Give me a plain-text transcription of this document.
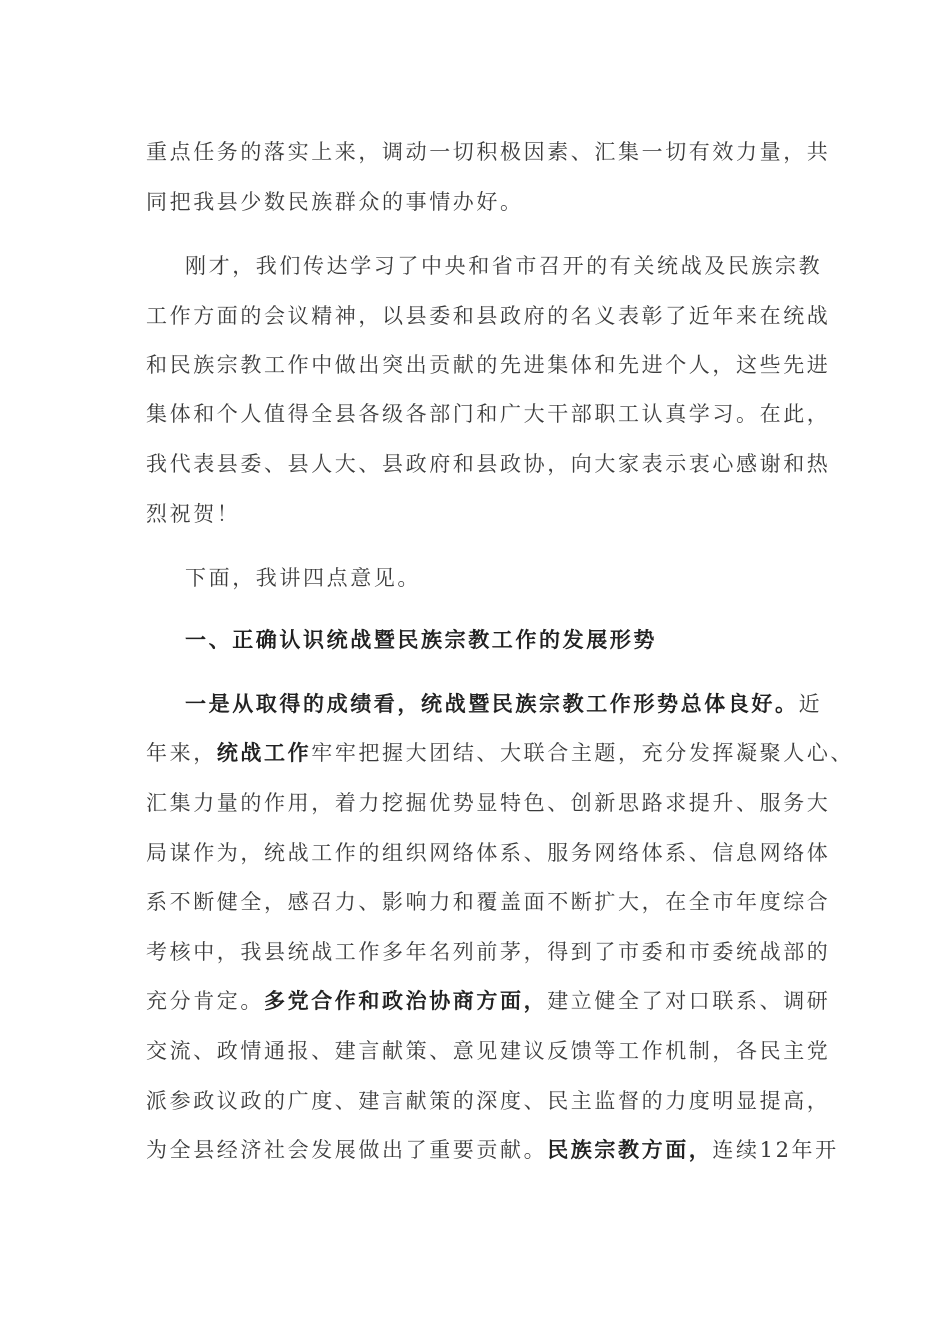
重点任务的落实上来，调动一切积极因素、汇集一切有效力量，共
同把我县少数民族群众的事情办好。
刚才，我们传达学习了中央和省市召开的有关统战及民族宗教
工作方面的会议精神，以县委和县政府的名义表彰了近年来在统战
和民族宗教工作中做出突出贡献的先进集体和先进个人，这些先进
集体和个人值得全县各级各部门和广大干部职工认真学习。在此，
我代表县委、县人大、县政府和县政协，向大家表示衷心感谢和热
烈祝贺！
下面，我讲四点意见。
一、正确认识统战暨民族宗教工作的发展形势
一是从取得的成绩看，统战暨民族宗教工作形势总体良好。近
年来，统战工作牢牢把握大团结、大联合主题，充分发挥凝聚人心、
汇集力量的作用，着力挖掘优势显特色、创新思路求提升、服务大
局谋作为，统战工作的组织网络体系、服务网络体系、信息网络体
系不断健全，感召力、影响力和覆盖面不断扩大，在全市年度综合
考核中，我县统战工作多年名列前茅，得到了市委和市委统战部的
充分肯定。多党合作和政治协商方面，建立健全了对口联系、调研
交流、政情通报、建言献策、意见建议反馈等工作机制，各民主党
派参政议政的广度、建言献策的深度、民主监督的力度明显提高，
为全县经济社会发展做出了重要贡献。民族宗教方面，连续12年开
